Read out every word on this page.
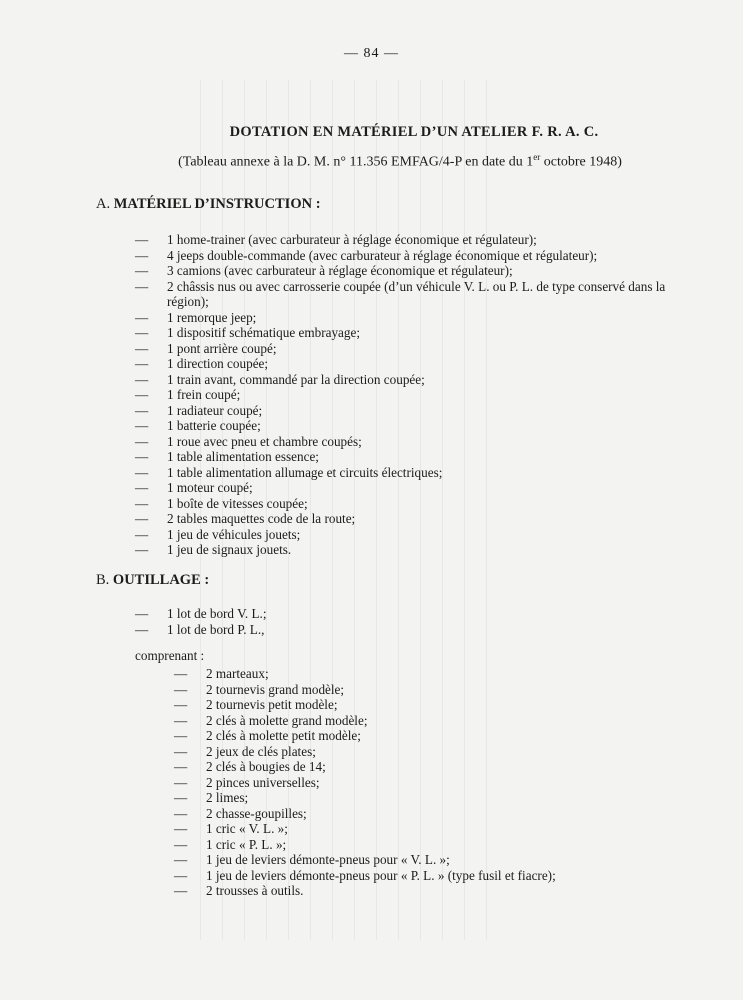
— 84 —
DOTATION EN MATÉRIEL D’UN ATELIER F. R. A. C.
(Tableau annexe à la D. M. n° 11.356 EMFAG/4-P en date du 1er octobre 1948)
A. MATÉRIEL D’INSTRUCTION :
— 1 home-trainer (avec carburateur à réglage économique et régulateur);
— 4 jeeps double-commande (avec carburateur à réglage économique et régulateur);
— 3 camions (avec carburateur à réglage économique et régulateur);
— 2 châssis nus ou avec carrosserie coupée (d’un véhicule V. L. ou P. L. de type conservé dans la région);
— 1 remorque jeep;
— 1 dispositif schématique embrayage;
— 1 pont arrière coupé;
— 1 direction coupée;
— 1 train avant, commandé par la direction coupée;
— 1 frein coupé;
— 1 radiateur coupé;
— 1 batterie coupée;
— 1 roue avec pneu et chambre coupés;
— 1 table alimentation essence;
— 1 table alimentation allumage et circuits électriques;
— 1 moteur coupé;
— 1 boîte de vitesses coupée;
— 2 tables maquettes code de la route;
— 1 jeu de véhicules jouets;
— 1 jeu de signaux jouets.
B. OUTILLAGE :
— 1 lot de bord V. L.;
— 1 lot de bord P. L.,
comprenant :
— 2 marteaux;
— 2 tournevis grand modèle;
— 2 tournevis petit modèle;
— 2 clés à molette grand modèle;
— 2 clés à molette petit modèle;
— 2 jeux de clés plates;
— 2 clés à bougies de 14;
— 2 pinces universelles;
— 2 limes;
— 2 chasse-goupilles;
— 1 cric « V. L. »;
— 1 cric « P. L. »;
— 1 jeu de leviers démonte-pneus pour « V. L. »;
— 1 jeu de leviers démonte-pneus pour « P. L. » (type fusil et fiacre);
— 2 trousses à outils.
